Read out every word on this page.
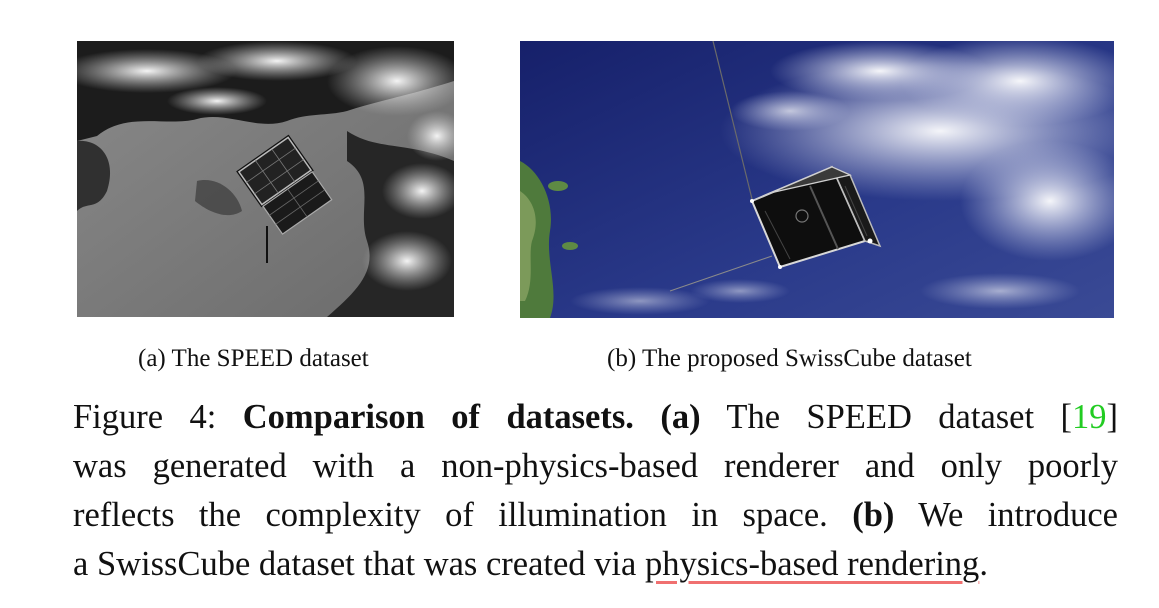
(a) The SPEED dataset	(b) The proposed SwissCube dataset
Figure 4: Comparison of datasets. (a) The SPEED dataset [19]
was generated with a non-physics-based renderer and only poorly
reflects the complexity of illumination in space. (b) We introduce
a SwissCube dataset that was created via physics-based rendering.
